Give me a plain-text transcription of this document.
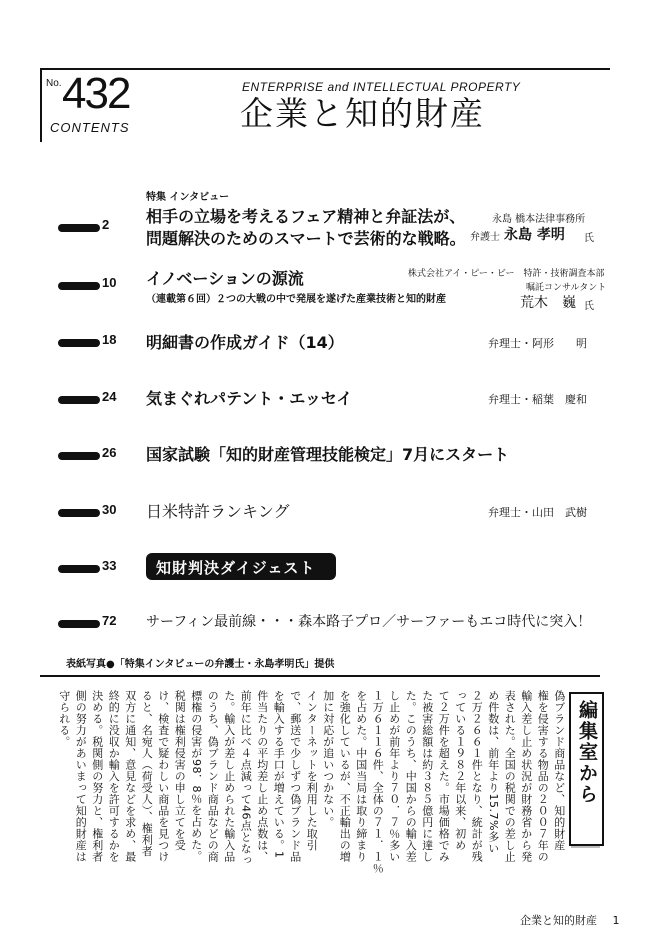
No. 432
CONTENTS
ENTERPRISE and INTELLECTUAL PROPERTY
企業と知的財産
2
特集 インタビュー
相手の立場を考えるフェア精神と弁証法が、
問題解決のためのスマートで芸術的な戦略。
永島 橋本法律事務所
弁護士 永島 孝明 氏
10 イノベーションの源流
（連載第６回）２つの大戦の中で発展を遂げた産業技術と知的財産
株式会社アイ・ピー・ビー　特許・技術調査本部
嘱託コンサルタント
荒木　巍 氏
18 明細書の作成ガイド（14）	弁理士・阿形　　明
24 気まぐれパテント・エッセイ	弁理士・稲葉　慶和
26 国家試験「知的財産管理技能検定」7月にスタート
30 日米特許ランキング	弁理士・山田　武樹
33	知財判決ダイジェスト
72 サーフィン最前線・・・森本路子プロ／サーファーもエコ時代に突入！
表紙写真●「特集インタビューの弁護士・永島孝明氏」提供
編集室から
偽ブランド商品など、知的財産
権を侵害する物品の２００７年の
輸入差し止め状況が財務省から発
表された。全国の税関での差し止
め件数は、前年より15.7%多い
２万２６６１件となり、統計が残
っている１９８２年以来、初め
て２万件を超えた。市場価格でみ
た被害総額は約３８５億円に達し
た。このうち、中国からの輸入差
し止めが前年より７０．７％多い
１万６１１６件、全体の７１．１％
を占めた。中国当局は取り締まり
を強化しているが、不正輸出の増
加に対応が追いつかない。
インターネットを利用した取引
で、郵送で少しずつ偽ブランド品
を輸入する手口が増えている。1
件当たりの平均差し止め点数は、
前年に比べ４点減って46点となっ
た。輸入が差し止められた輸入品
のうち、偽ブランド商品などの商
標権の侵害が98．8％を占めた。
税関は権利侵害の申し立てを受
け、検査で疑わしい商品を見つけ
ると、名宛人（荷受人）、権利者
双方に通知、意見などを求め、最
終的に没収か輸入を許可するかを
決める。税関側の努力と、権利者
側の努力があいまって知的財産は
守られる。
企業と知的財産 1
